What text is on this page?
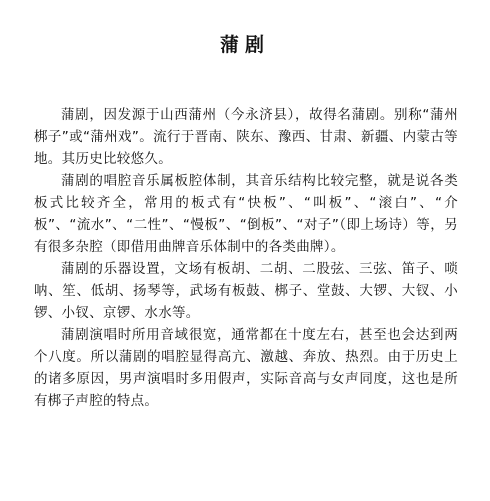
蒲剧

蒲剧，因发源于山西蒲州（今永济县），故得名蒲剧。别称“蒲州梆子”或“蒲州戏”。流行于晋南、陕东、豫西、甘肃、新疆、内蒙古等地。其历史比较悠久。

蒲剧的唱腔音乐属板腔体制，其音乐结构比较完整，就是说各类板式比较齐全，常用的板式有“快板”、“叫板”、“滚白”、“介板”、“流水”、“二性”、“慢板”、“倒板”、“对子”（即上场诗）等，另有很多杂腔（即借用曲牌音乐体制中的各类曲牌）。

蒲剧的乐器设置，文场有板胡、二胡、二股弦、三弦、笛子、唢呐、笙、低胡、扬琴等，武场有板鼓、梆子、堂鼓、大锣、大钗、小锣、小钗、京锣、水水等。

蒲剧演唱时所用音域很宽，通常都在十度左右，甚至也会达到两个八度。所以蒲剧的唱腔显得高亢、激越、奔放、热烈。由于历史上的诸多原因，男声演唱时多用假声，实际音高与女声同度，这也是所有梆子声腔的特点。
